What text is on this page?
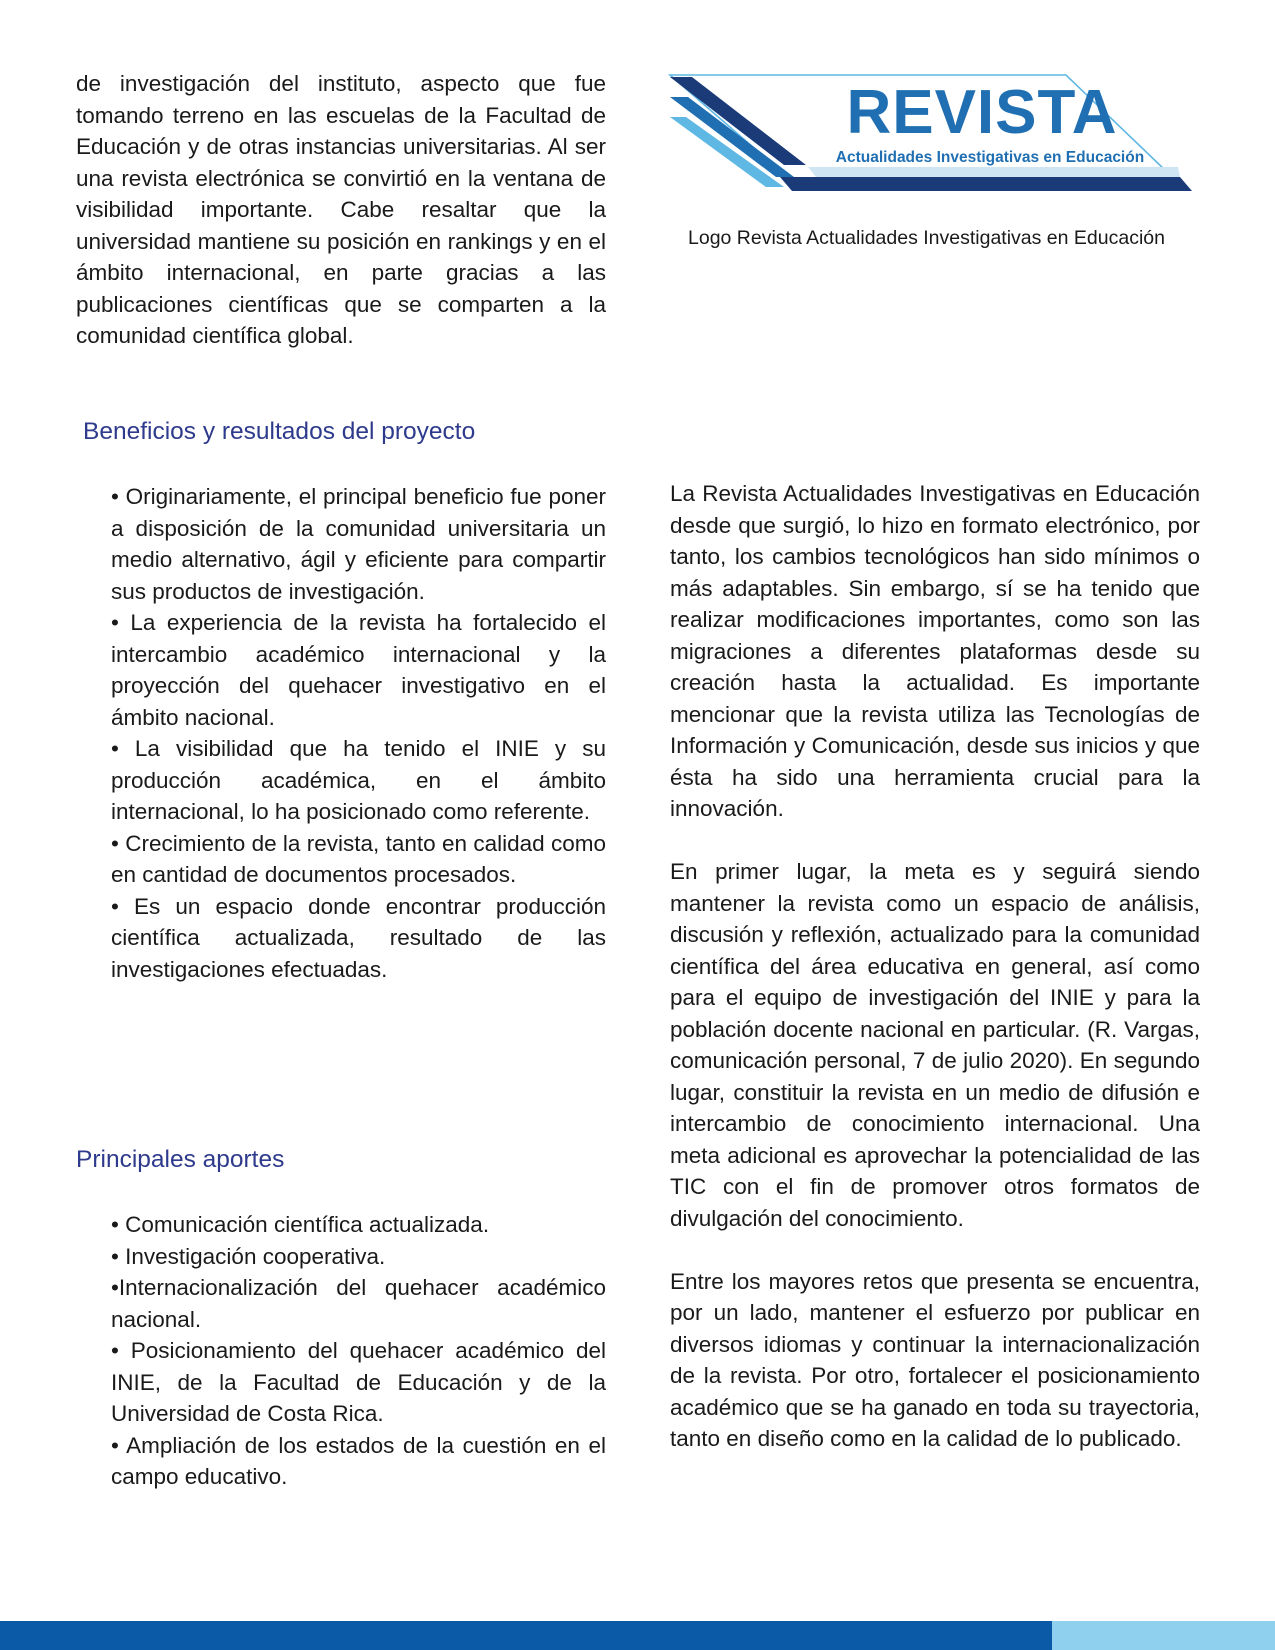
de investigación del instituto, aspecto que fue tomando terreno en las escuelas de la Facultad de Educación y de otras instancias universitarias. Al ser una revista electrónica se convirtió en la ventana de visibilidad importante. Cabe resaltar que la universidad mantiene su posición en rankings y en el ámbito internacional, en parte gracias a las publicaciones científicas que se comparten a la comunidad científica global.

REVISTA
Actualidades Investigativas en Educación

Logo Revista Actualidades Investigativas en Educación

Beneficios y resultados del proyecto
• Originariamente, el principal beneficio fue poner a disposición de la comunidad universitaria un medio alternativo, ágil y eficiente para compartir sus productos de investigación.
• La experiencia de la revista ha fortalecido el intercambio académico internacional y la proyección del quehacer investigativo en el ámbito nacional.
• La visibilidad que ha tenido el INIE y su producción académica, en el ámbito internacional, lo ha posicionado como referente.
• Crecimiento de la revista, tanto en calidad como en cantidad de documentos procesados.
• Es un espacio donde encontrar producción científica actualizada, resultado de las investigaciones efectuadas.
Principales aportes
• Comunicación científica actualizada.
• Investigación cooperativa.
•Internacionalización del quehacer académico nacional.
• Posicionamiento del quehacer académico del INIE, de la Facultad de Educación y de la Universidad de Costa Rica.
• Ampliación de los estados de la cuestión en el campo educativo.

La Revista Actualidades Investigativas en Educación desde que surgió, lo hizo en formato electrónico, por tanto, los cambios tecnológicos han sido mínimos o más adaptables. Sin embargo, sí se ha tenido que realizar modificaciones importantes, como son las migraciones a diferentes plataformas desde su creación hasta la actualidad. Es importante mencionar que la revista utiliza las Tecnologías de Información y Comunicación, desde sus inicios y que ésta ha sido una herramienta crucial para la innovación.

En primer lugar, la meta es y seguirá siendo mantener la revista como un espacio de análisis, discusión y reflexión, actualizado para la comunidad científica del área educativa en general, así como para el equipo de investigación del INIE y para la población docente nacional en particular. (R. Vargas, comunicación personal, 7 de julio 2020). En segundo lugar, constituir la revista en un medio de difusión e intercambio de conocimiento internacional. Una meta adicional es aprovechar la potencialidad de las TIC con el fin de promover otros formatos de divulgación del conocimiento.

Entre los mayores retos que presenta se encuentra, por un lado, mantener el esfuerzo por publicar en diversos idiomas y continuar la internacionalización de la revista. Por otro, fortalecer el posicionamiento académico que se ha ganado en toda su trayectoria, tanto en diseño como en la calidad de lo publicado.
